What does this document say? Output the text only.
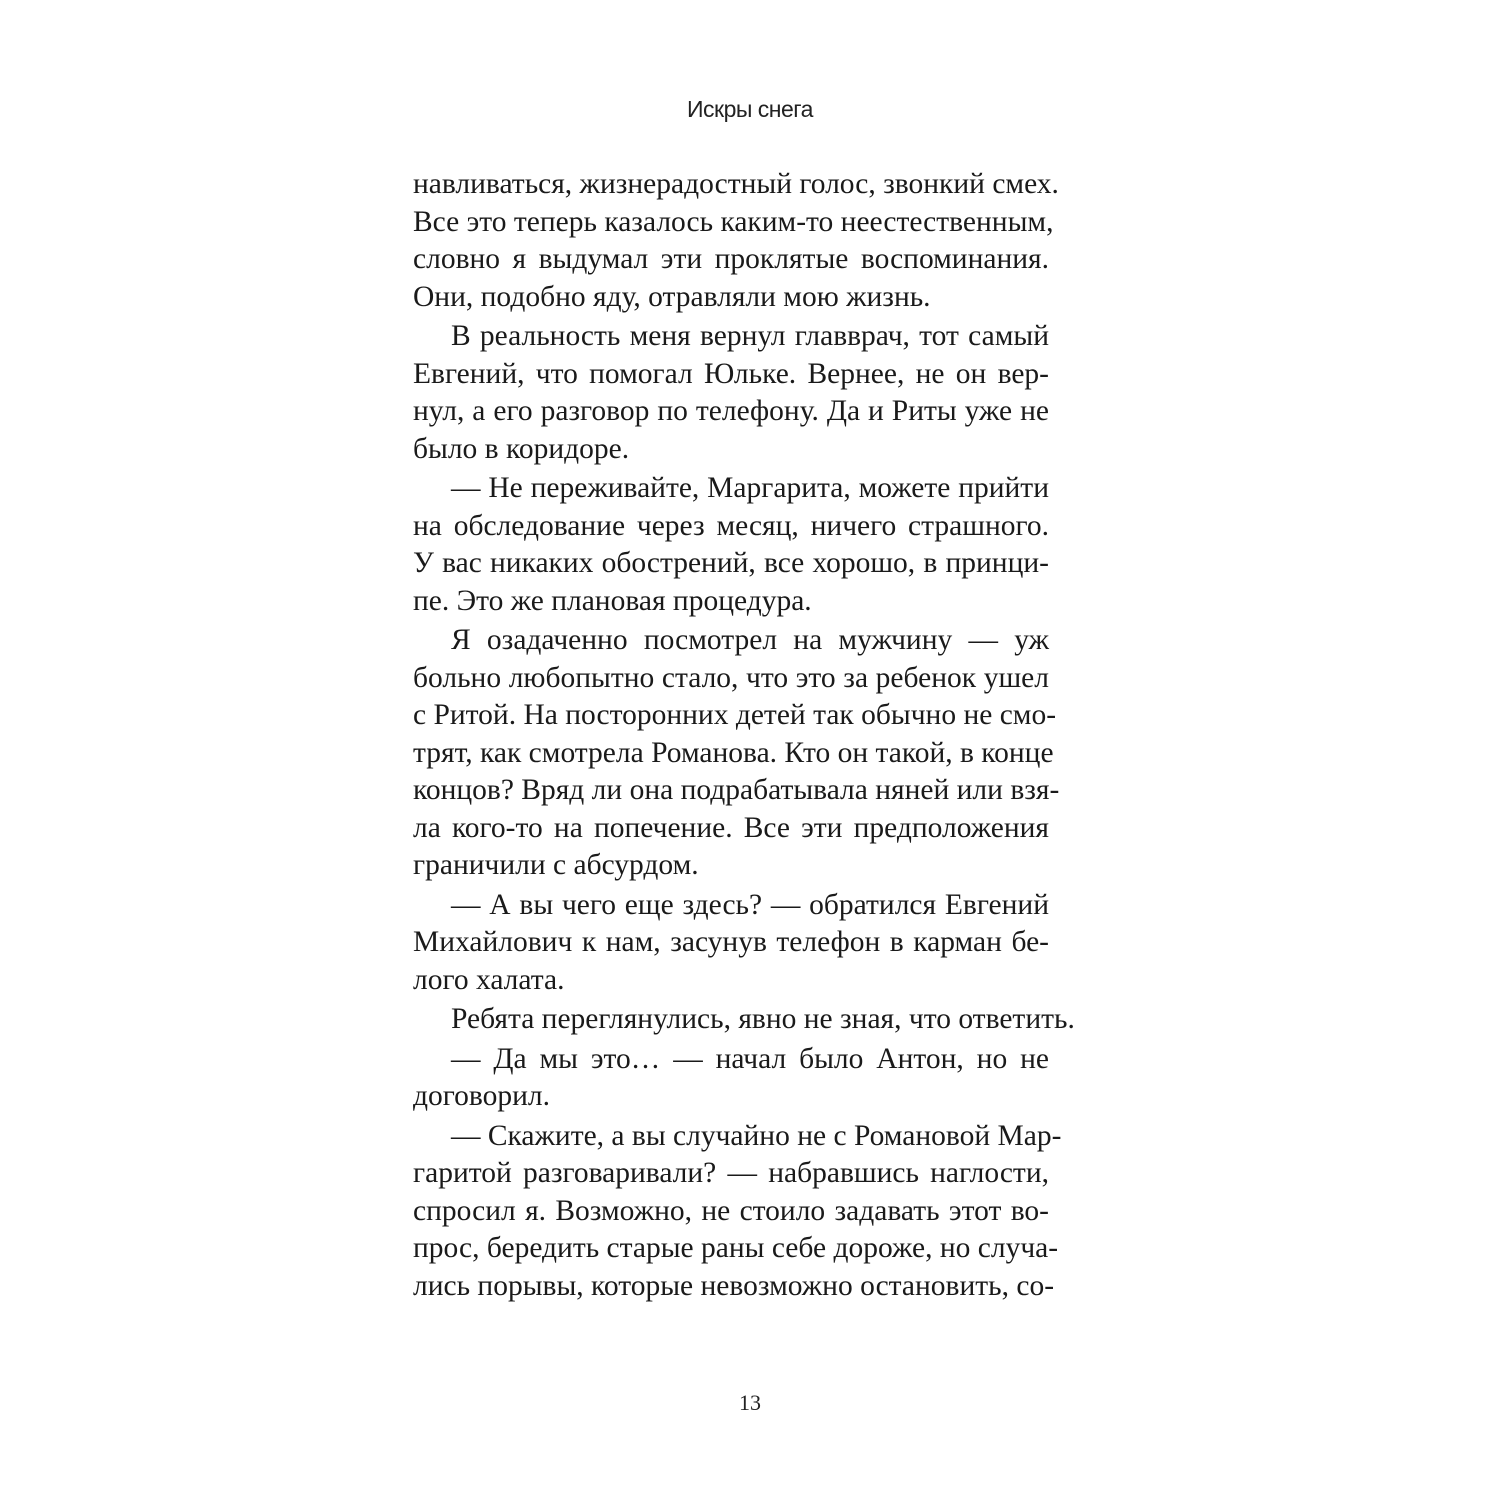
Искры снега
навливаться, жизнерадостный голос, звонкий смех.
Все это теперь казалось каким-то неестественным,
словно я выдумал эти проклятые воспоминания.
Они, подобно яду, отравляли мою жизнь.
В реальность меня вернул главврач, тот самый
Евгений, что помогал Юльке. Вернее, не он вер-
нул, а его разговор по телефону. Да и Риты уже не
было в коридоре.
— Не переживайте, Маргарита, можете прийти
на обследование через месяц, ничего страшного.
У вас никаких обострений, все хорошо, в принци-
пе. Это же плановая процедура.
Я озадаченно посмотрел на мужчину — уж
больно любопытно стало, что это за ребенок ушел
с Ритой. На посторонних детей так обычно не смо-
трят, как смотрела Романова. Кто он такой, в конце
концов? Вряд ли она подрабатывала няней или взя-
ла кого-то на попечение. Все эти предположения
граничили с абсурдом.
— А вы чего еще здесь? — обратился Евгений
Михайлович к нам, засунув телефон в карман бе-
лого халата.
Ребята переглянулись, явно не зная, что ответить.
— Да мы это… — начал было Антон, но не
договорил.
— Скажите, а вы случайно не с Романовой Мар-
гаритой разговаривали? — набравшись наглости,
спросил я. Возможно, не стоило задавать этот во-
прос, бередить старые раны себе дороже, но случа-
лись порывы, которые невозможно остановить, со-
13
